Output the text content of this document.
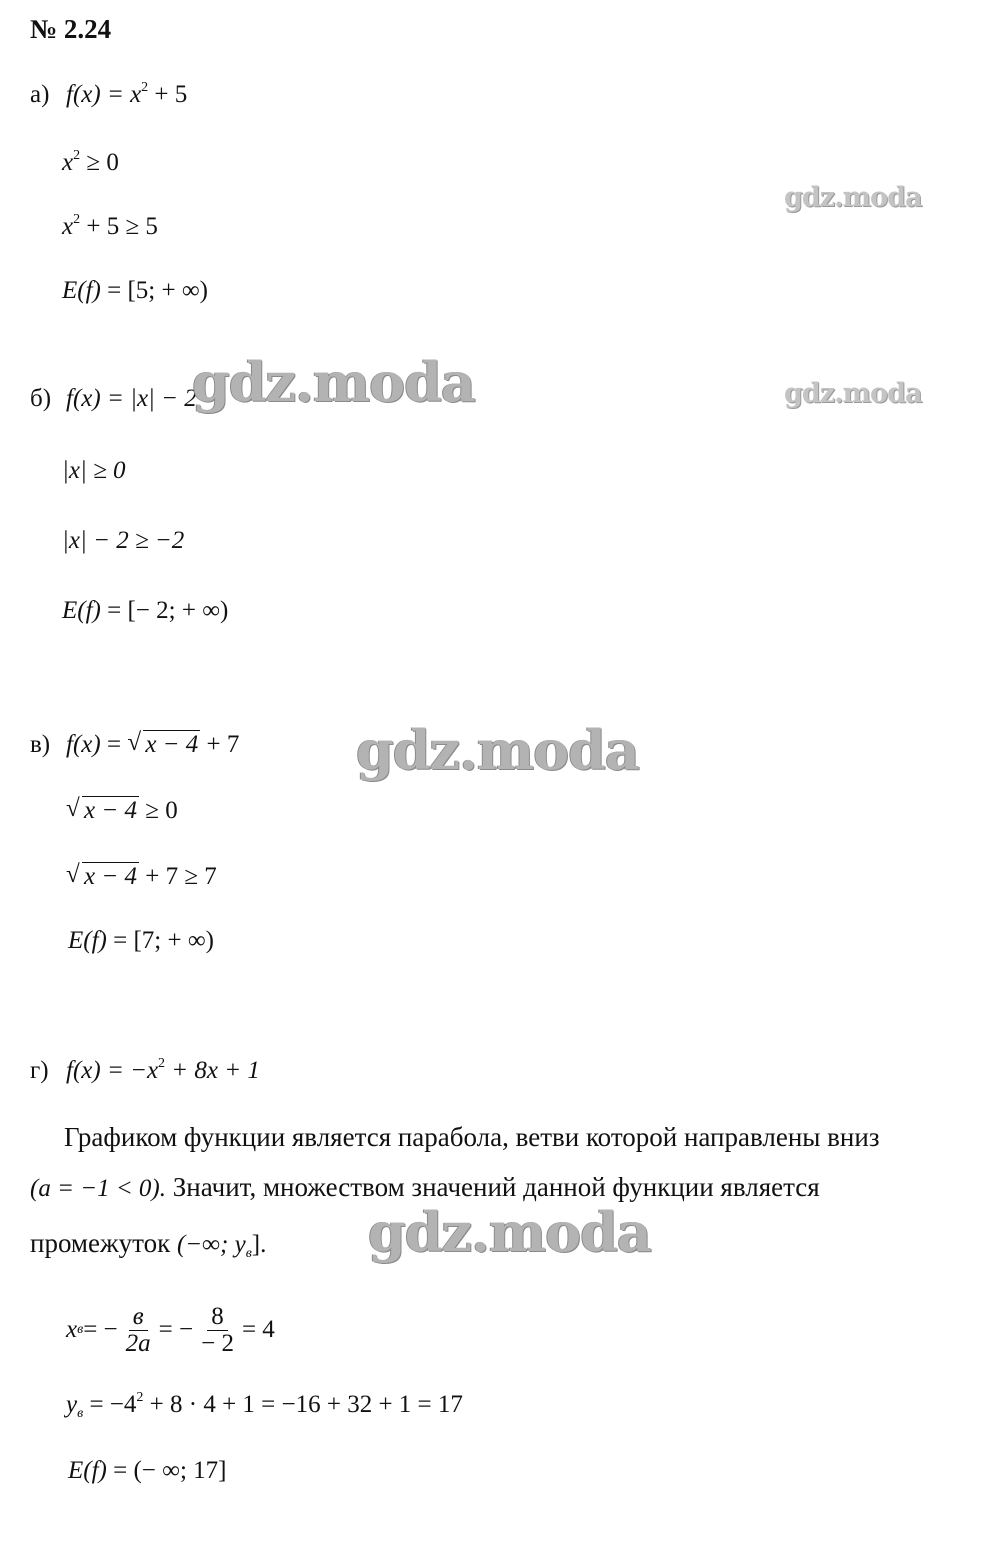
№ 2.24
а) $f(x) = x^2 + 5$
$x^2 \ge 0$
$x^2 + 5 \ge 5$
E(f) = [5; + ∞)
б) f(x) = |x| − 2
|x| ≥ 0
|x| − 2 ≥ −2
E(f) = [− 2; + ∞)
в) f(x) = √ x − 4 + 7
√ x − 4 ≥ 0
√ x − 4 + 7 ≥ 7
E(f) = [7; + ∞)
г) $f(x) = -x^2 + 8x + 1$
Графиком функции является парабола, ветви которой направлены вниз
(a = −1 < 0). Значит, множеством значений данной функции является
промежуток (−∞; $y_в$].
x в = − $\frac{в}{2a}$ = − $\frac{8}{- 2} = 4$
$y_в = -4^2 + 8 \cdot 4 + 1 = -16 + 32 + 1 = 17$
E(f) = (− ∞; 17]
gdz.moda
gdz.moda
gdz.moda
gdz.moda
gdz.moda
